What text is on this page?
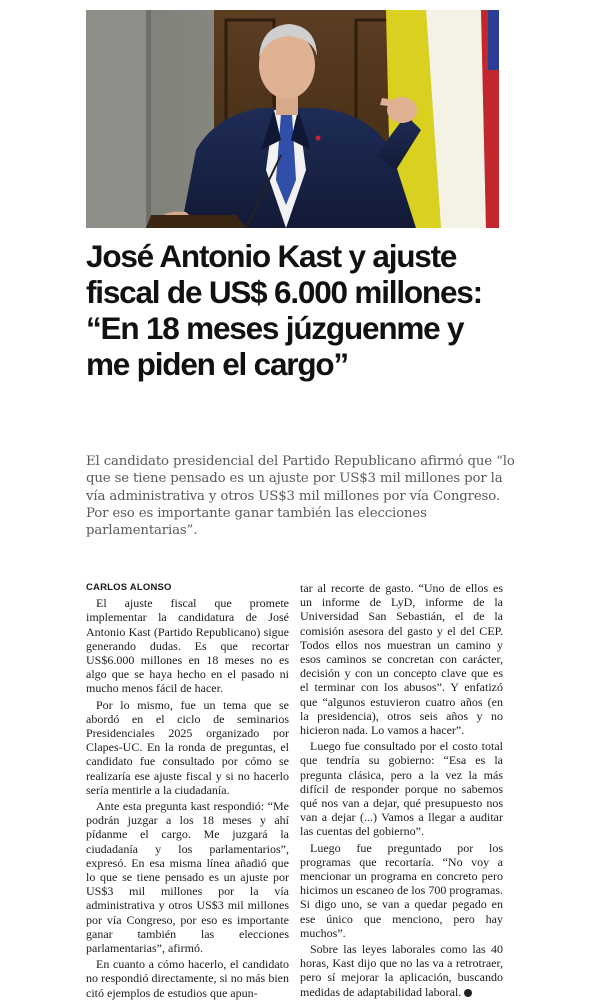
José Antonio Kast y ajuste fiscal de US$ 6.000 millones: “En 18 meses júzguenme y me piden el cargo”

El candidato presidencial del Partido Republicano afirmó que “lo que se tiene pensado es un ajuste por US$3 mil millones por la vía administrativa y otros US$3 mil millones por vía Congreso. Por eso es importante ganar también las elecciones parlamentarias”.

CARLOS ALONSO

El ajuste fiscal que promete implementar la candidatura de José Antonio Kast (Partido Republicano) sigue generando dudas. Es que recortar US$6.000 millones en 18 meses no es algo que se haya hecho en el pasado ni mucho menos fácil de hacer.

Por lo mismo, fue un tema que se abordó en el ciclo de seminarios Presidenciales 2025 organizado por Clapes-UC. En la ronda de preguntas, el candidato fue consultado por cómo se realizaría ese ajuste fiscal y si no hacerlo sería mentirle a la ciudadanía.

Ante esta pregunta kast respondió: “Me podrán juzgar a los 18 meses y ahí pídanme el cargo. Me juzgará la ciudadanía y los parlamentarios”, expresó. En esa misma línea añadió que lo que se tiene pensado es un ajuste por US$3 mil millones por la vía administrativa y otros US$3 mil millones por vía Congreso, por eso es importante ganar también las elecciones parlamentarias”, afirmó.

En cuanto a cómo hacerlo, el candidato no respondió directamente, si no más bien citó ejemplos de estudios que apun-

tar al recorte de gasto. “Uno de ellos es un informe de LyD, informe de la Universidad San Sebastián, el de la comisión asesora del gasto y el del CEP. Todos ellos nos muestran un camino y esos caminos se concretan con carácter, decisión y con un concepto clave que es el terminar con los abusos”. Y enfatizó que “algunos estuvieron cuatro años (en la presidencia), otros seis años y no hicieron nada. Lo vamos a hacer”.

Luego fue consultado por el costo total que tendría su gobierno: “Esa es la pregunta clásica, pero a la vez la más difícil de responder porque no sabemos qué nos van a dejar, qué presupuesto nos van a dejar (...) Vamos a llegar a auditar las cuentas del gobierno”.

Luego fue preguntado por los programas que recortaría. “No voy a mencionar un programa en concreto pero hicimos un escaneo de los 700 programas. Si digo uno, se van a quedar pegado en ese único que menciono, pero hay muchos”.

Sobre las leyes laborales como las 40 horas, Kast dijo que no las va a retrotraer, pero sí mejorar la aplicación, buscando medidas de adaptabilidad laboral.
